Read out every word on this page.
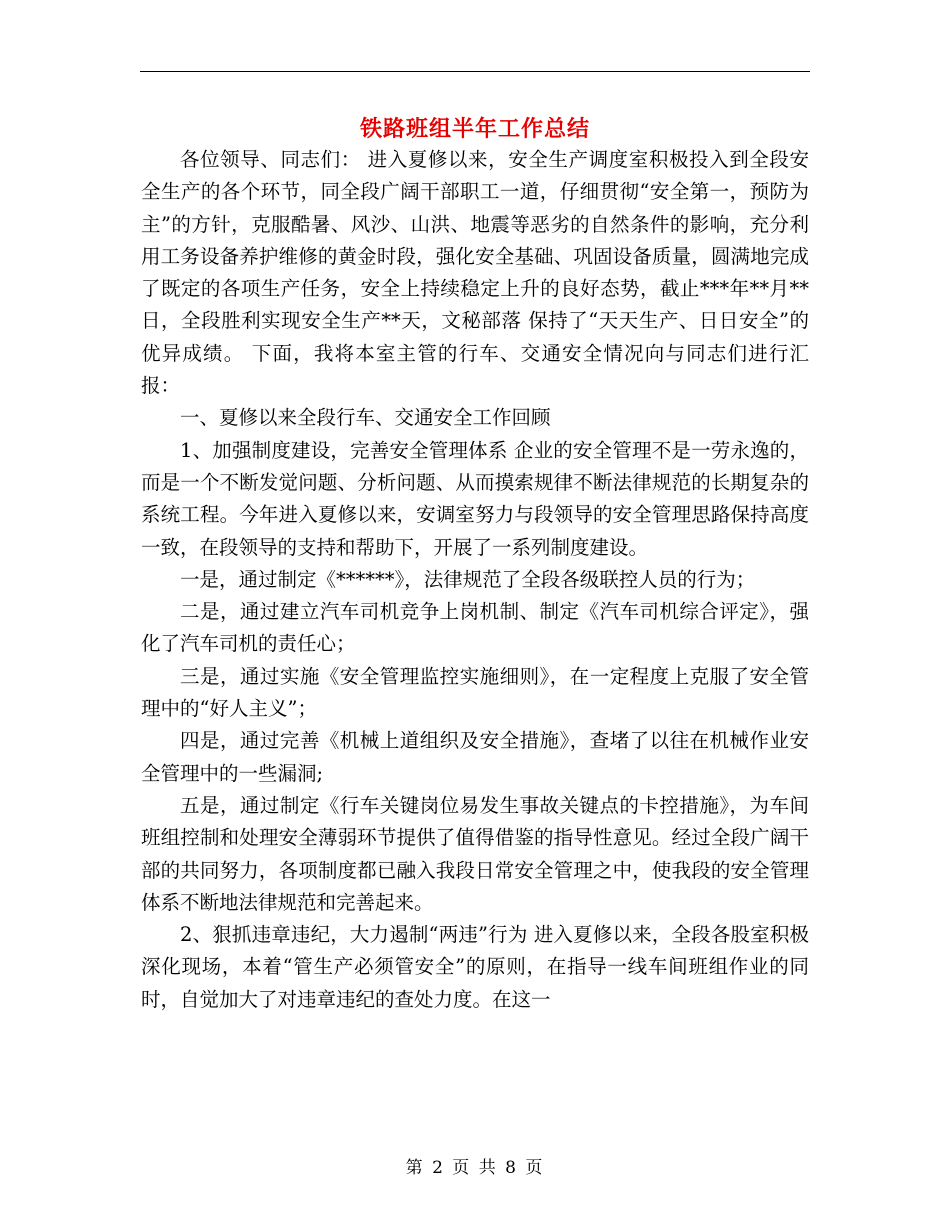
铁路班组半年工作总结

各位领导、同志们： 进入夏修以来，安全生产调度室积极投入到全段安全生产的各个环节，同全段广阔干部职工一道，仔细贯彻“安全第一，预防为主”的方针，克服酷暑、风沙、山洪、地震等恶劣的自然条件的影响，充分利用工务设备养护维修的黄金时段，强化安全基础、巩固设备质量，圆满地完成了既定的各项生产任务，安全上持续稳定上升的良好态势，截止***年**月**日，全段胜利实现安全生产**天，文秘部落 保持了“天天生产、日日安全”的优异成绩。 下面，我将本室主管的行车、交通安全情况向与同志们进行汇报：

一、夏修以来全段行车、交通安全工作回顾

1、加强制度建设，完善安全管理体系 企业的安全管理不是一劳永逸的，而是一个不断发觉问题、分析问题、从而摸索规律不断法律规范的长期复杂的系统工程。今年进入夏修以来，安调室努力与段领导的安全管理思路保持高度一致，在段领导的支持和帮助下，开展了一系列制度建设。

一是，通过制定《******》，法律规范了全段各级联控人员的行为；

二是，通过建立汽车司机竞争上岗机制、制定《汽车司机综合评定》，强化了汽车司机的责任心；

三是，通过实施《安全管理监控实施细则》，在一定程度上克服了安全管理中的“好人主义”；

四是，通过完善《机械上道组织及安全措施》，查堵了以往在机械作业安全管理中的一些漏洞;

五是，通过制定《行车关键岗位易发生事故关键点的卡控措施》，为车间班组控制和处理安全薄弱环节提供了值得借鉴的指导性意见。经过全段广阔干部的共同努力，各项制度都已融入我段日常安全管理之中，使我段的安全管理体系不断地法律规范和完善起来。

2、狠抓违章违纪，大力遏制“两违”行为 进入夏修以来，全段各股室积极深化现场，本着“管生产必须管安全”的原则，在指导一线车间班组作业的同时，自觉加大了对违章违纪的查处力度。在这一

第 2 页 共 8 页
